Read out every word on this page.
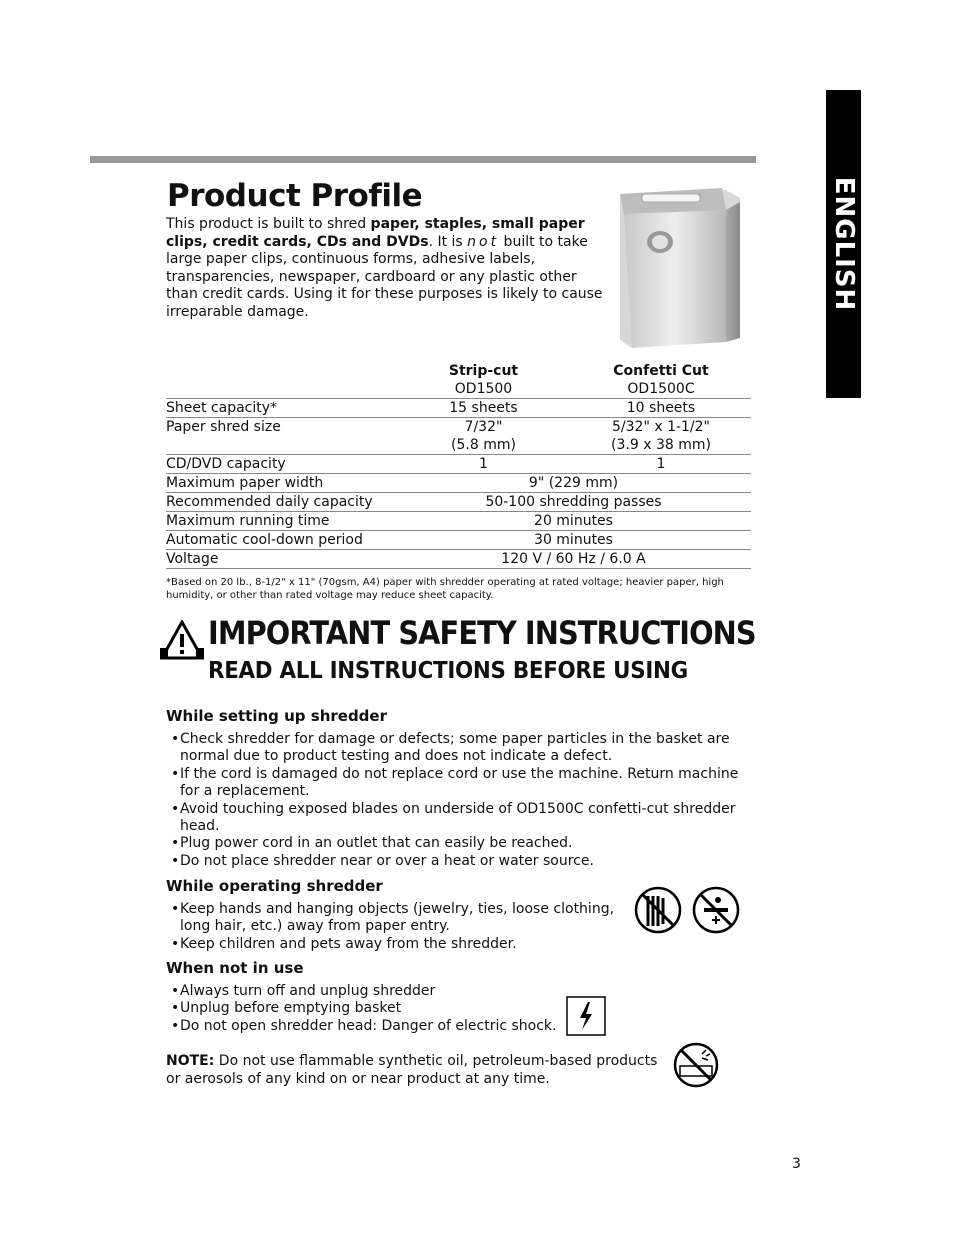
ENGLISH
Product Profile
This product is built to shred paper, staples, small paper clips, credit cards, CDs and DVDs. It is not built to take large paper clips, continuous forms, adhesive labels, transparencies, newspaper, cardboard or any plastic other than credit cards. Using it for these purposes is likely to cause irreparable damage.
	Strip-cut	Confetti Cut
	OD1500	OD1500C
Sheet capacity*	15 sheets	10 sheets
Paper shred size	7/32"	5/32" x 1-1/2"
	(5.8 mm)	(3.9 x 38 mm)
CD/DVD capacity	1	1
Maximum paper width	9" (229 mm)	
Recommended daily capacity	50-100 shredding passes	
Maximum running time	20 minutes	
Automatic cool-down period	30 minutes	
Voltage	120 V / 60 Hz / 6.0 A	
*Based on 20 lb., 8-1/2" x 11" (70gsm, A4) paper with shredder operating at rated voltage; heavier paper, high humidity, or other than rated voltage may reduce sheet capacity.
IMPORTANT SAFETY INSTRUCTIONS
READ ALL INSTRUCTIONS BEFORE USING
While setting up shredder
• Check shredder for damage or defects; some paper particles in the basket are normal due to product testing and does not indicate a defect.
• If the cord is damaged do not replace cord or use the machine. Return machine for a replacement.
• Avoid touching exposed blades on underside of OD1500C confetti-cut shredder head.
• Plug power cord in an outlet that can easily be reached.
• Do not place shredder near or over a heat or water source.
While operating shredder
• Keep hands and hanging objects (jewelry, ties, loose clothing, long hair, etc.) away from paper entry.
• Keep children and pets away from the shredder.
When not in use
• Always turn off and unplug shredder
• Unplug before emptying basket
• Do not open shredder head: Danger of electric shock.
NOTE: Do not use flammable synthetic oil, petroleum-based products or aerosols of any kind on or near product at any time.
3
